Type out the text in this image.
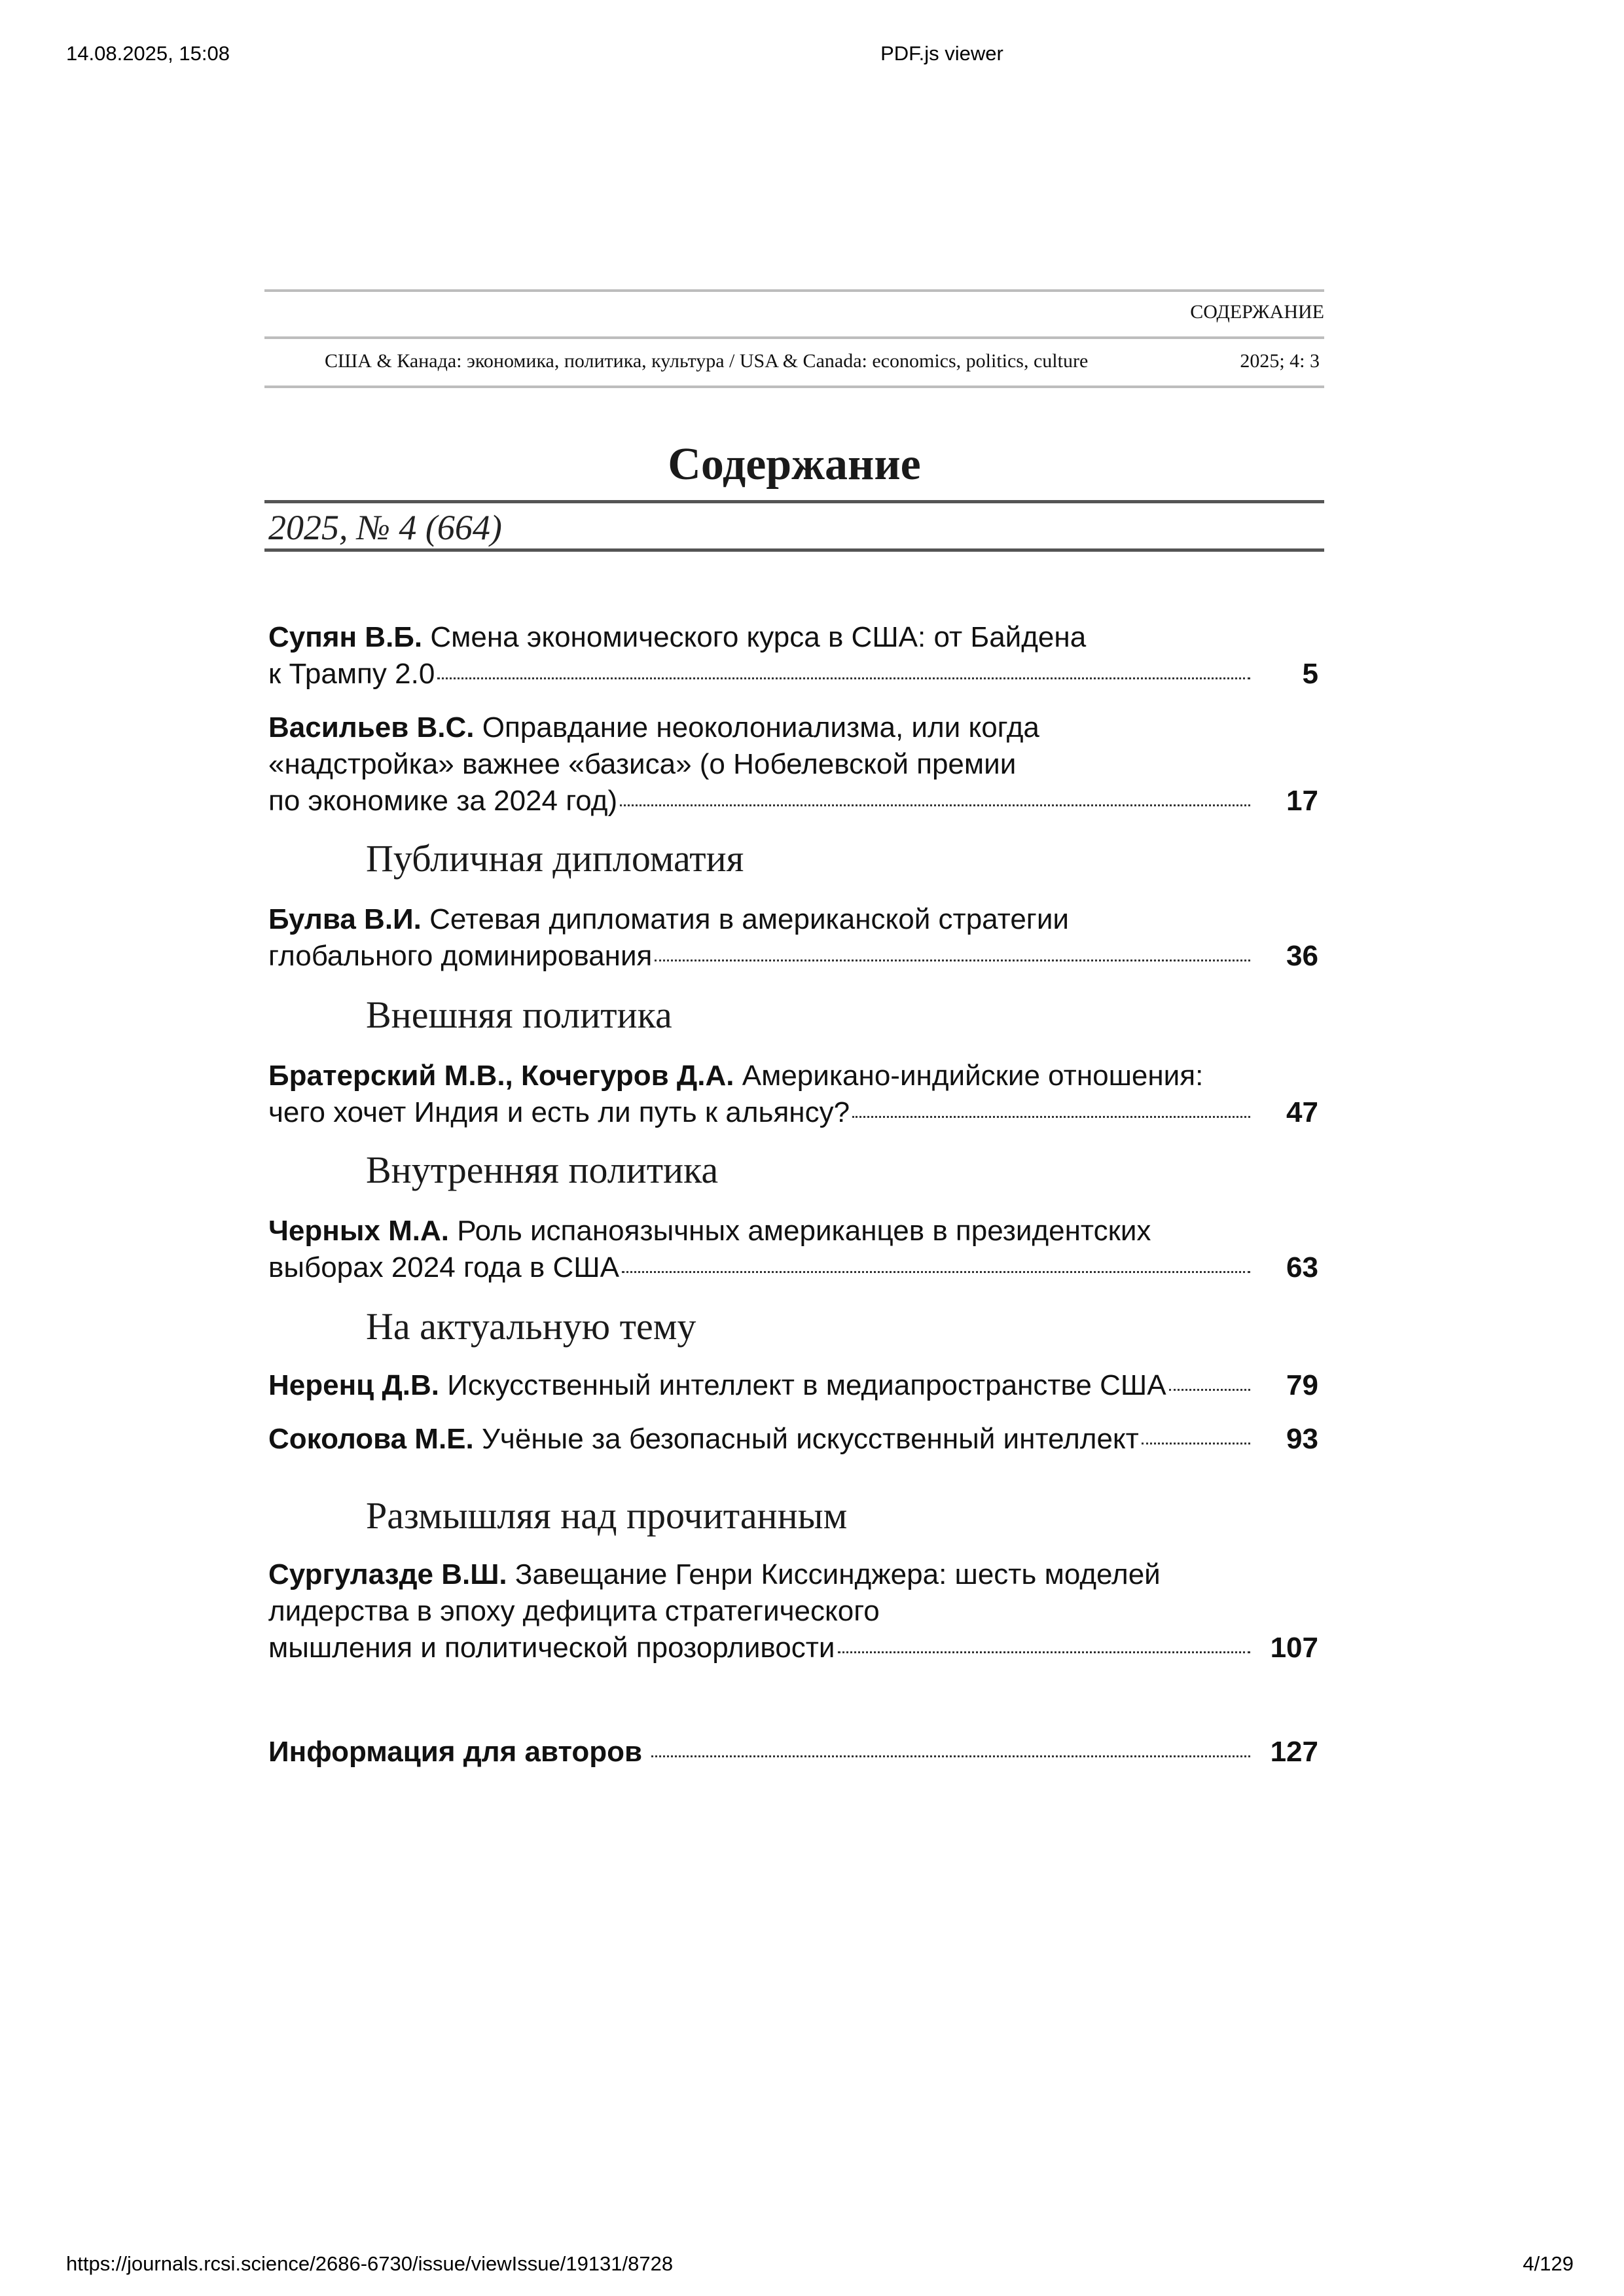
14.08.2025, 15:08	PDF.js viewer
СОДЕРЖАНИЕ
США & Канада: экономика, политика, культура / USA & Canada: economics, politics, culture	2025; 4: 3
Содержание
2025, № 4 (664)
Супян В.Б. Смена экономического курса в США: от Байдена
к Трампу 2.0	5
Васильев В.С. Оправдание неоколониализма, или когда
«надстройка» важнее «базиса» (о Нобелевской премии
по экономике за 2024 год)	17
Публичная дипломатия
Булва В.И. Сетевая дипломатия в американской стратегии
глобального доминирования	36
Внешняя политика
Братерский М.В., Кочегуров Д.А. Американо-индийские отношения:
чего хочет Индия и есть ли путь к альянсу?	47
Внутренняя политика
Черных М.А. Роль испаноязычных американцев в президентских
выборах 2024 года в США	63
На актуальную тему
Неренц Д.В.
Искусственный интеллект в медиапространстве США	79
Соколова М.Е.
Учёные за безопасный искусственный интеллект	93
Размышляя над прочитанным
Сургулазде В.Ш. Завещание Генри Киссинджера: шесть моделей
лидерства в эпоху дефицита стратегического
мышления и политической прозорливости	107
Информация для авторов	127
https://journals.rcsi.science/2686-6730/issue/viewIssue/19131/8728	4/129
